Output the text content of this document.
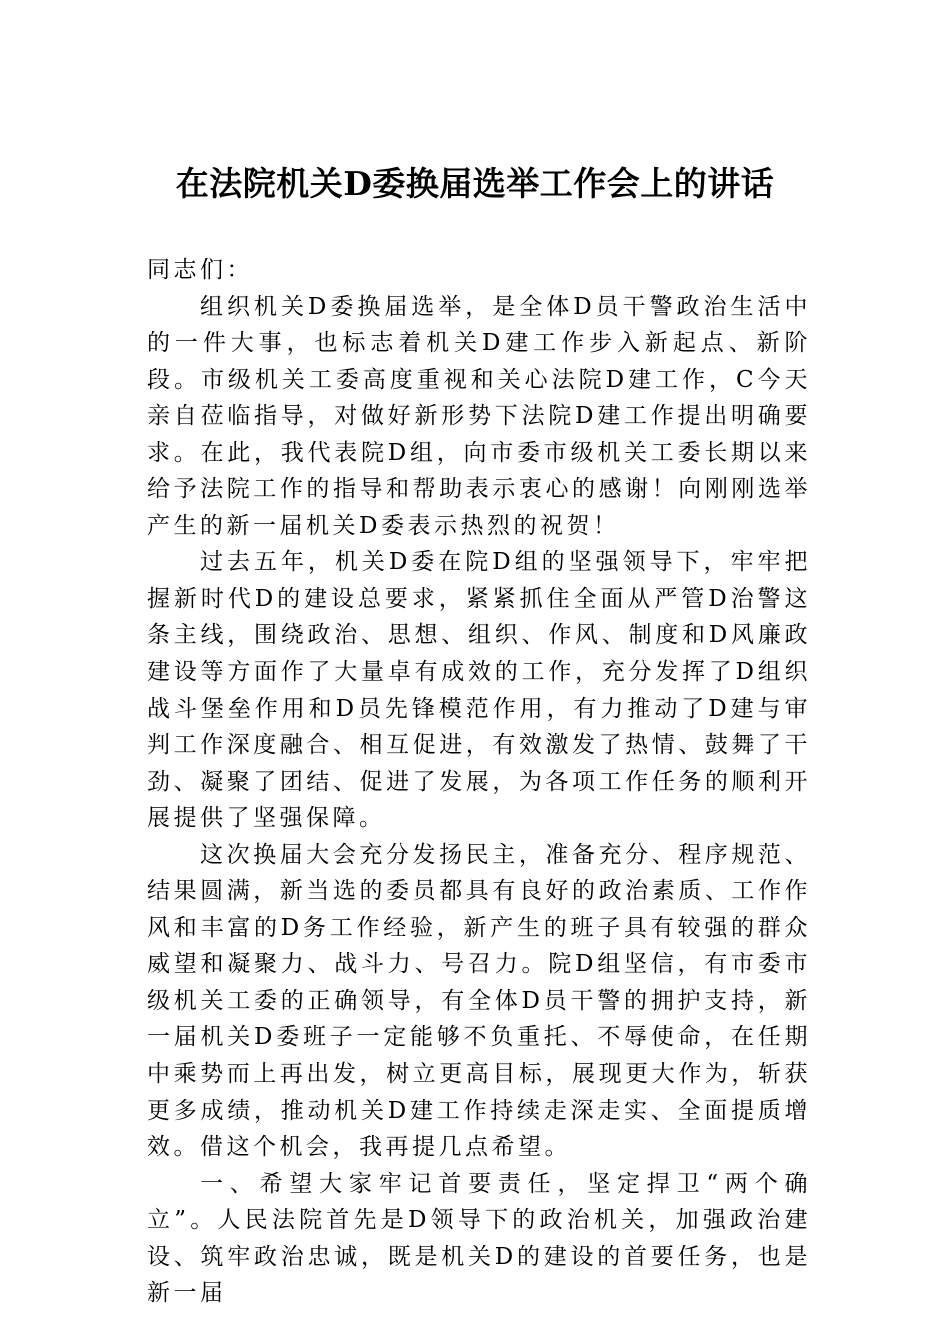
在法院机关D委换届选举工作会上的讲话

同志们：

组织机关D委换届选举，是全体D员干警政治生活中的一件大事，也标志着机关D建工作步入新起点、新阶段。市级机关工委高度重视和关心法院D建工作，C今天亲自莅临指导，对做好新形势下法院D建工作提出明确要求。在此，我代表院D组，向市委市级机关工委长期以来给予法院工作的指导和帮助表示衷心的感谢！向刚刚选举产生的新一届机关D委表示热烈的祝贺！

过去五年，机关D委在院D组的坚强领导下，牢牢把握新时代D的建设总要求，紧紧抓住全面从严管D治警这条主线，围绕政治、思想、组织、作风、制度和D风廉政建设等方面作了大量卓有成效的工作，充分发挥了D组织战斗堡垒作用和D员先锋模范作用，有力推动了D建与审判工作深度融合、相互促进，有效激发了热情、鼓舞了干劲、凝聚了团结、促进了发展，为各项工作任务的顺利开展提供了坚强保障。

这次换届大会充分发扬民主，准备充分、程序规范、结果圆满，新当选的委员都具有良好的政治素质、工作作风和丰富的D务工作经验，新产生的班子具有较强的群众威望和凝聚力、战斗力、号召力。院D组坚信，有市委市级机关工委的正确领导，有全体D员干警的拥护支持，新一届机关D委班子一定能够不负重托、不辱使命，在任期中乘势而上再出发，树立更高目标，展现更大作为，斩获更多成绩，推动机关D建工作持续走深走实、全面提质增效。借这个机会，我再提几点希望。

一、希望大家牢记首要责任，坚定捍卫“两个确立”。人民法院首先是D领导下的政治机关，加强政治建设、筑牢政治忠诚，既是机关D的建设的首要任务，也是新一届
